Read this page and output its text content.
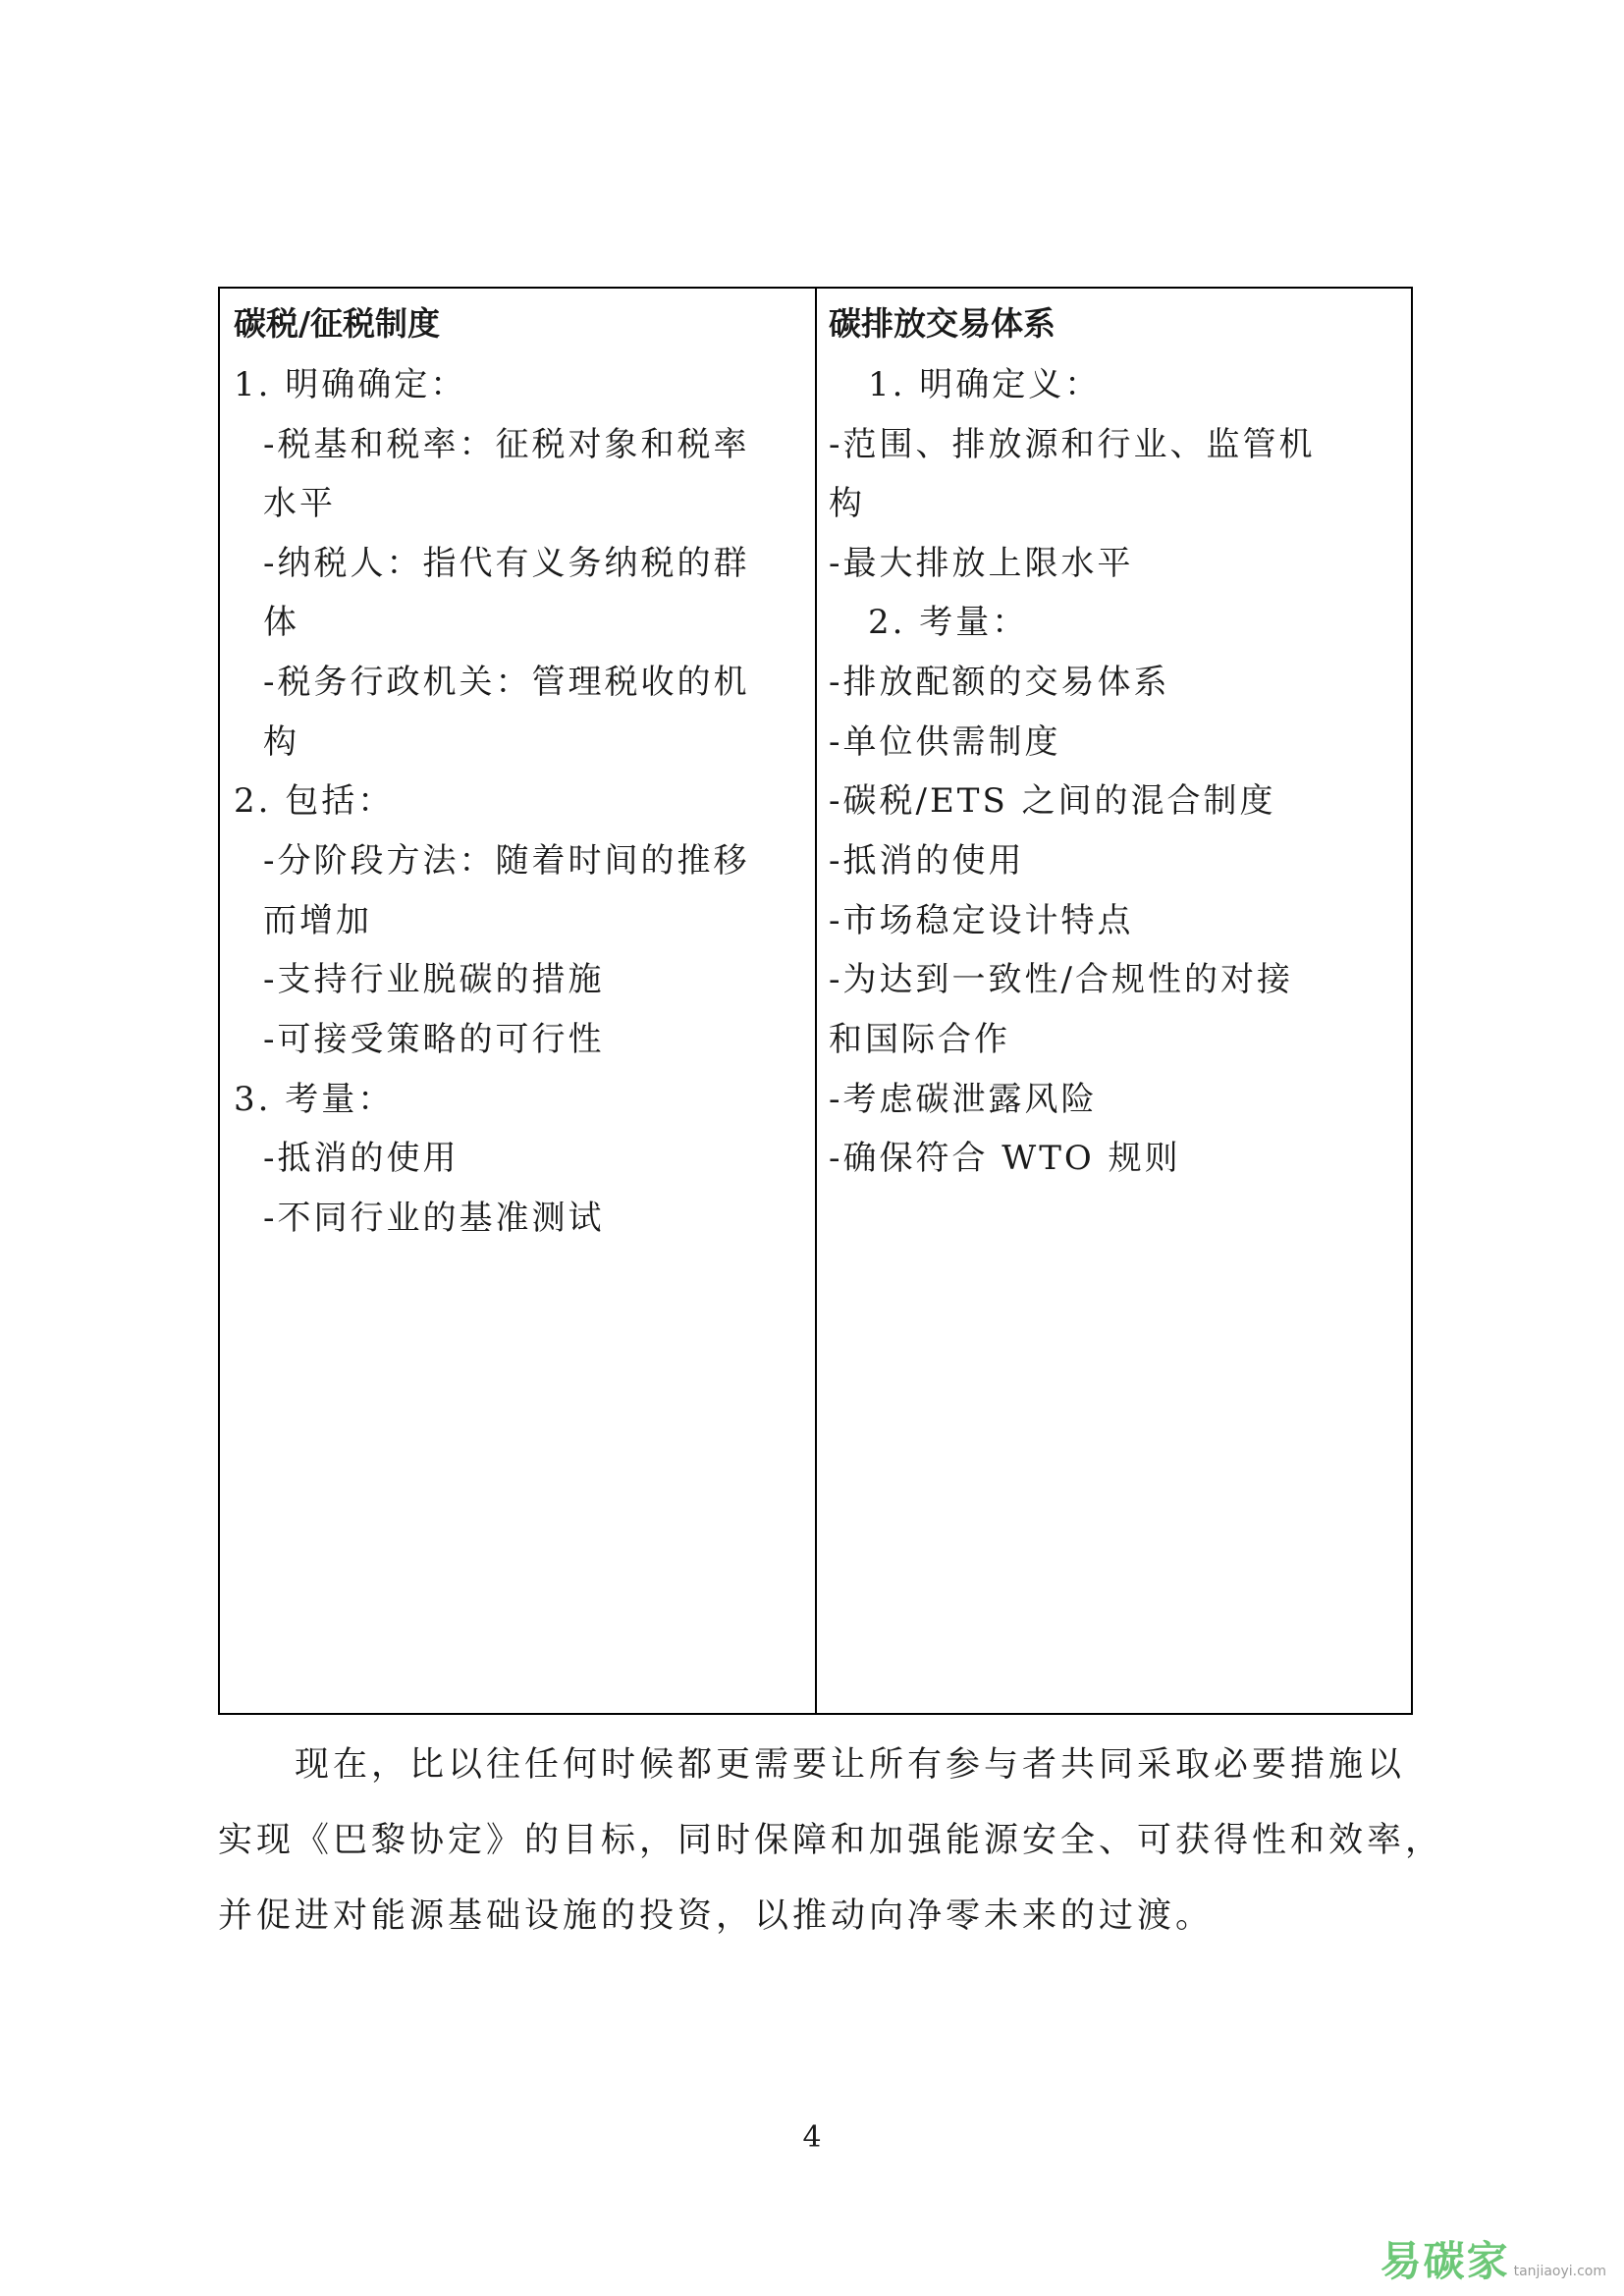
碳税/征税制度
1. 明确确定：
-税基和税率：征税对象和税率
水平
-纳税人：指代有义务纳税的群
体
-税务行政机关：管理税收的机
构
2. 包括：
-分阶段方法：随着时间的推移
而增加
-支持行业脱碳的措施
-可接受策略的可行性
3. 考量：
-抵消的使用
-不同行业的基准测试
碳排放交易体系
1. 明确定义：
-范围、排放源和行业、监管机
构
-最大排放上限水平
2. 考量：
-排放配额的交易体系
-单位供需制度
-碳税/ETS 之间的混合制度
-抵消的使用
-市场稳定设计特点
-为达到一致性/合规性的对接
和国际合作
-考虑碳泄露风险
-确保符合 WTO 规则
现在，比以往任何时候都更需要让所有参与者共同采取必要措施以
实现《巴黎协定》的目标，同时保障和加强能源安全、可获得性和效率，
并促进对能源基础设施的投资，以推动向净零未来的过渡。
4
易碳家 tanjiaoyi.com
